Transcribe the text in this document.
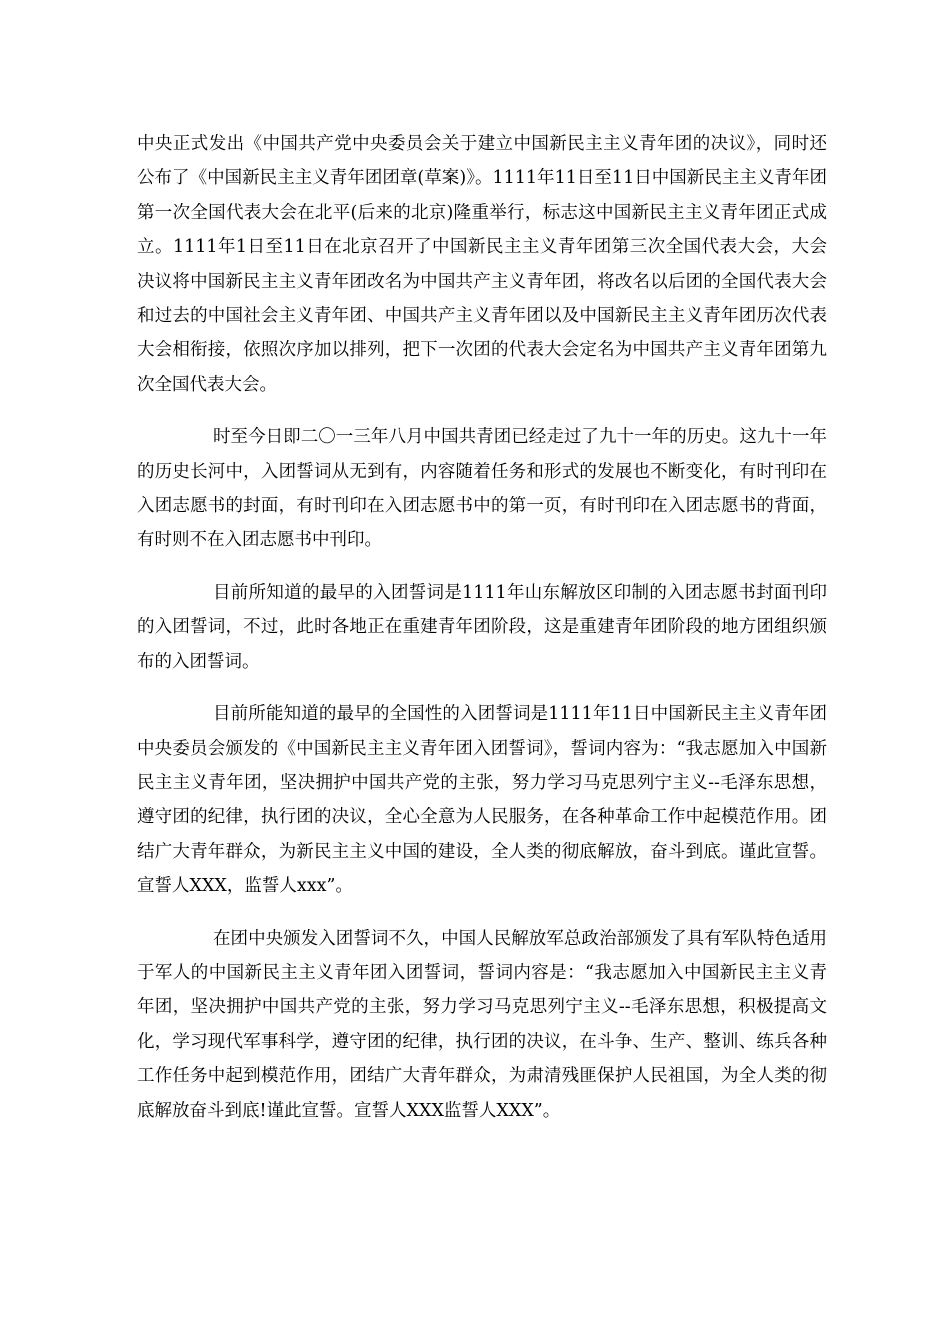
中央正式发出《中国共产党中央委员会关于建立中国新民主主义青年团的决议》，同时还公布了《中国新民主主义青年团团章(草案)》。1111年11日至11日中国新民主主义青年团第一次全国代表大会在北平(后来的北京)隆重举行，标志这中国新民主主义青年团正式成立。1111年1日至11日在北京召开了中国新民主主义青年团第三次全国代表大会，大会决议将中国新民主主义青年团改名为中国共产主义青年团，将改名以后团的全国代表大会和过去的中国社会主义青年团、中国共产主义青年团以及中国新民主主义青年团历次代表大会相衔接，依照次序加以排列，把下一次团的代表大会定名为中国共产主义青年团第九次全国代表大会。

时至今日即二〇一三年八月中国共青团已经走过了九十一年的历史。这九十一年的历史长河中，入团誓词从无到有，内容随着任务和形式的发展也不断变化，有时刊印在入团志愿书的封面，有时刊印在入团志愿书中的第一页，有时刊印在入团志愿书的背面，有时则不在入团志愿书中刊印。

目前所知道的最早的入团誓词是1111年山东解放区印制的入团志愿书封面刊印的入团誓词，不过，此时各地正在重建青年团阶段，这是重建青年团阶段的地方团组织颁布的入团誓词。

目前所能知道的最早的全国性的入团誓词是1111年11日中国新民主主义青年团中央委员会颁发的《中国新民主主义青年团入团誓词》，誓词内容为：“我志愿加入中国新民主主义青年团，坚决拥护中国共产党的主张，努力学习马克思列宁主义--毛泽东思想，遵守团的纪律，执行团的决议，全心全意为人民服务，在各种革命工作中起模范作用。团结广大青年群众，为新民主主义中国的建设，全人类的彻底解放，奋斗到底。谨此宣誓。宣誓人XXX，监誓人xxx”。

在团中央颁发入团誓词不久，中国人民解放军总政治部颁发了具有军队特色适用于军人的中国新民主主义青年团入团誓词，誓词内容是：“我志愿加入中国新民主主义青年团，坚决拥护中国共产党的主张，努力学习马克思列宁主义--毛泽东思想，积极提高文化，学习现代军事科学，遵守团的纪律，执行团的决议，在斗争、生产、整训、练兵各种工作任务中起到模范作用，团结广大青年群众，为肃清残匪保护人民祖国，为全人类的彻底解放奋斗到底!谨此宣誓。宣誓人XXX监誓人XXX”。
